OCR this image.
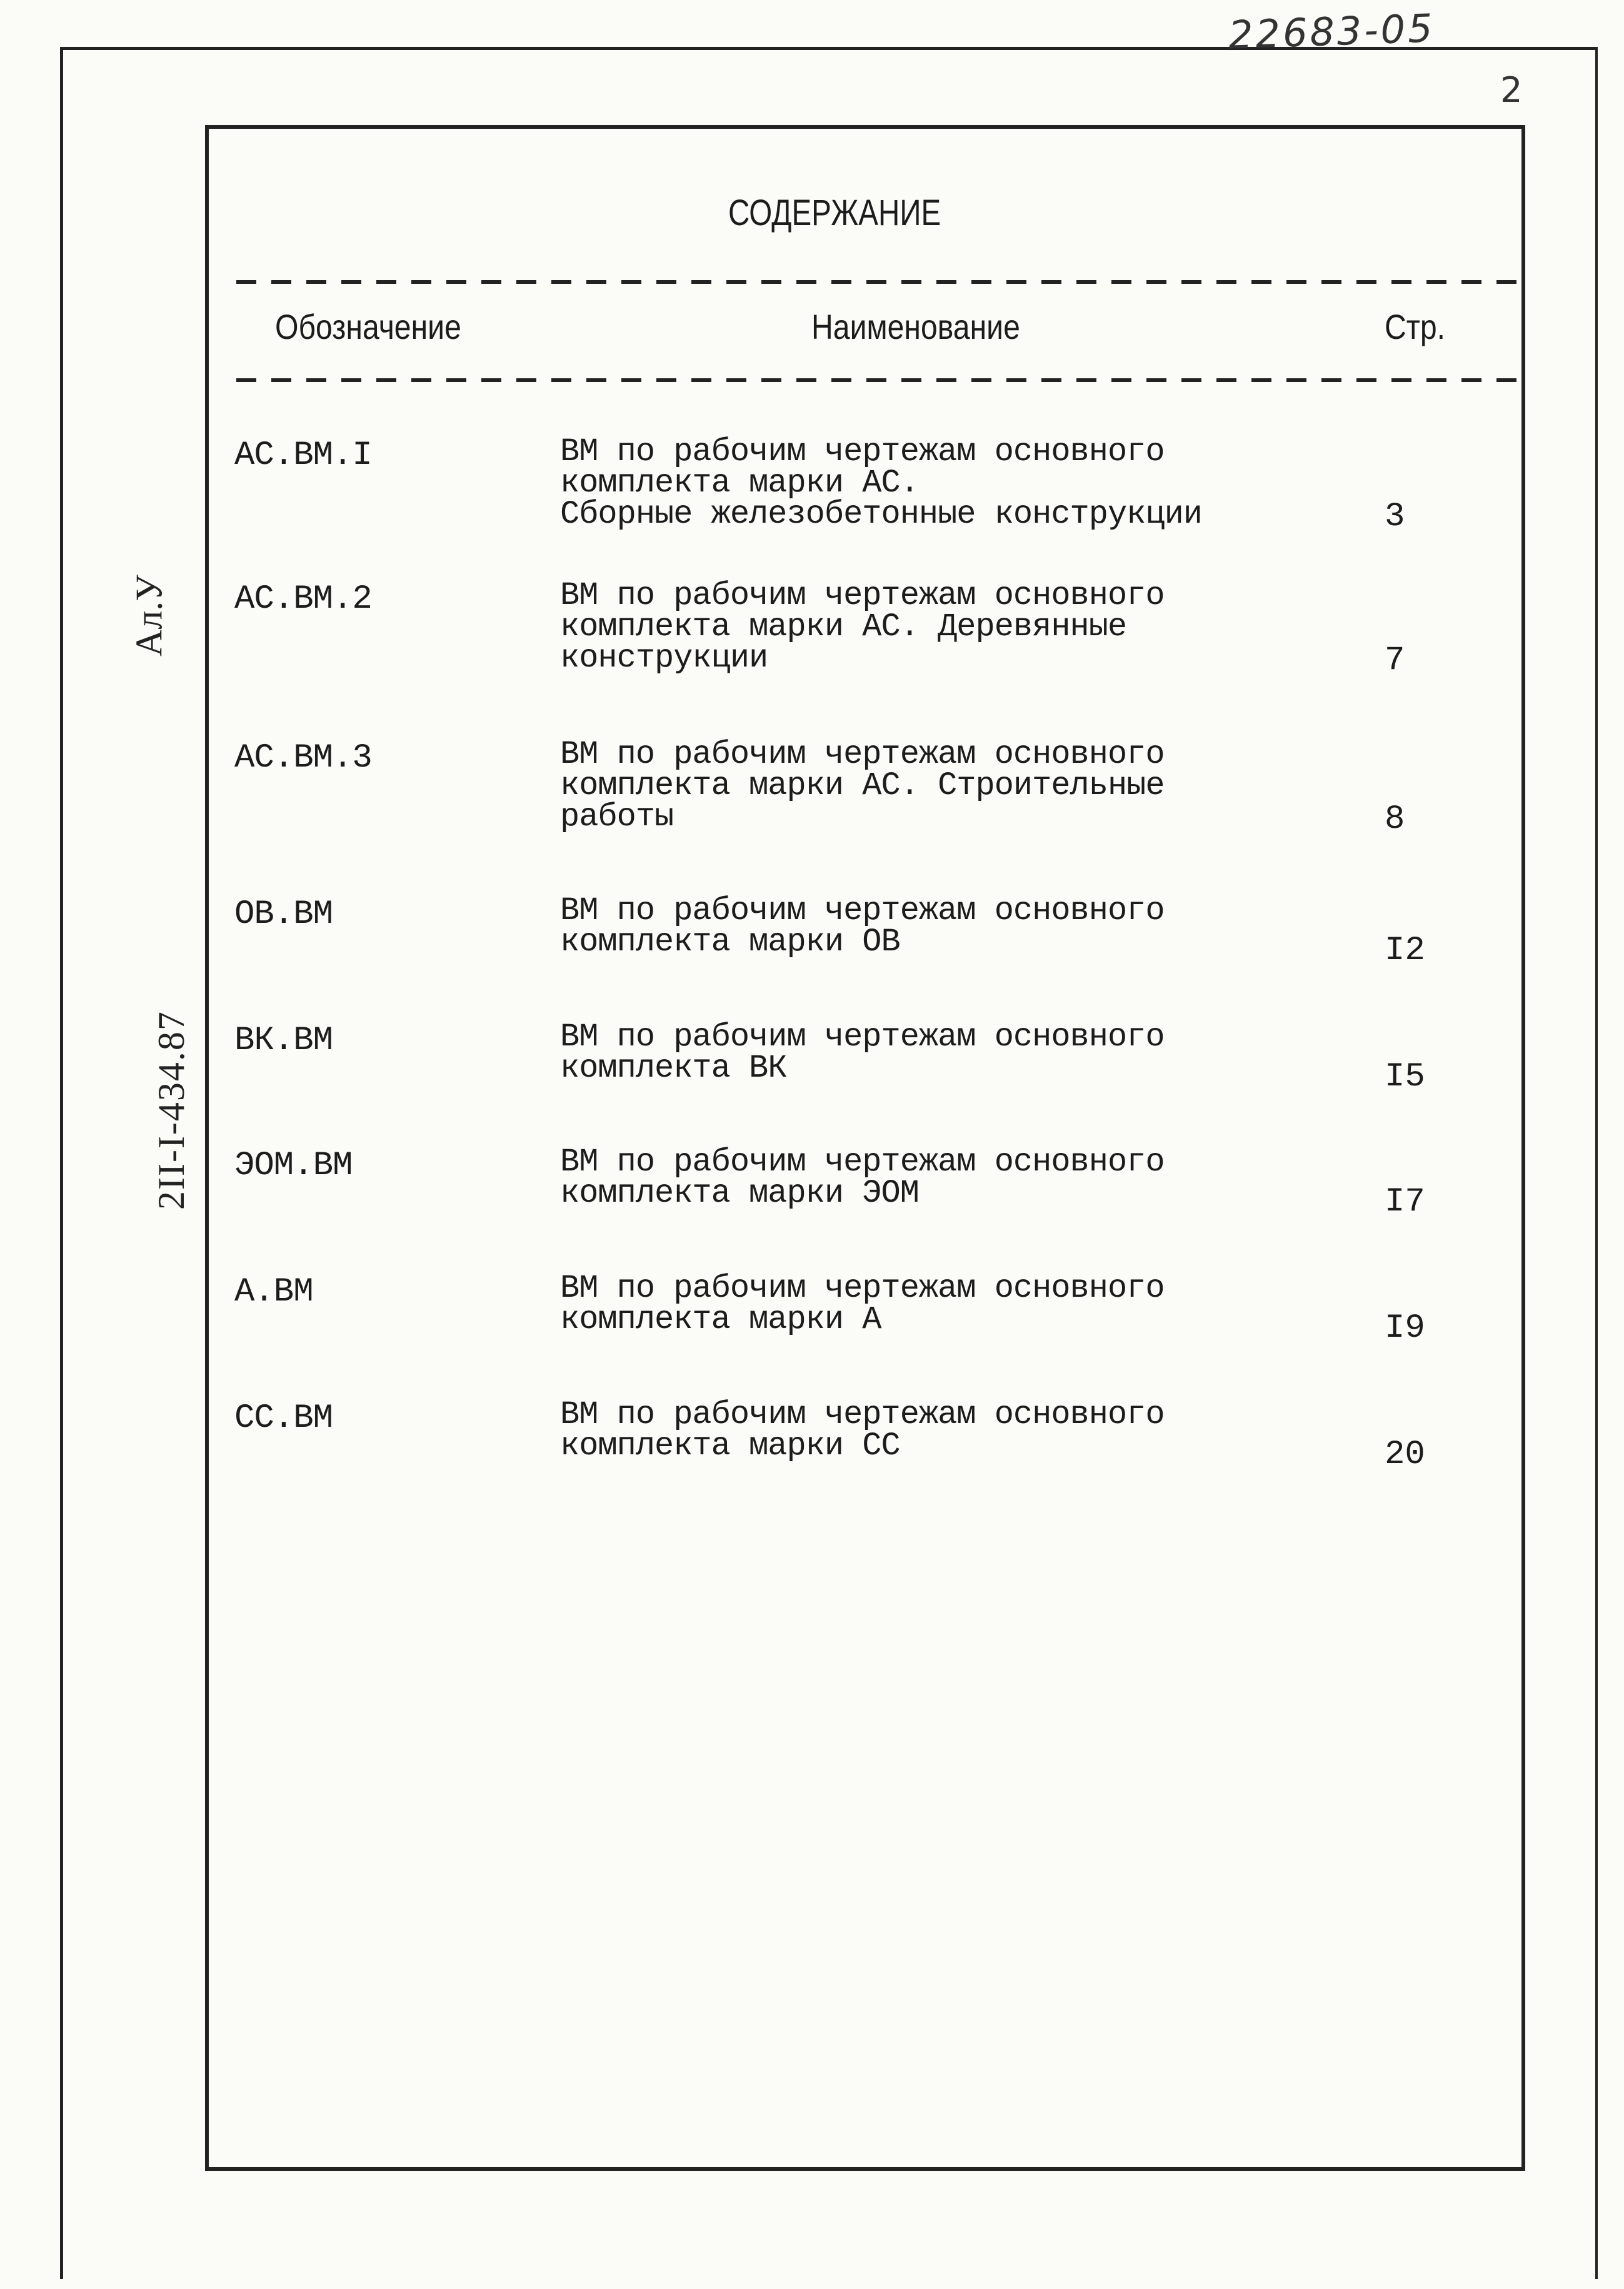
22683-05
2
Ал.У
2II-I-434.87
СОДЕРЖАНИЕ
Обозначение	Наименование	Стр.
АС.ВМ.I	ВМ по рабочим чертежам основного
комплекта марки АС.
Сборные железобетонные конструкции	3
АС.ВМ.2	ВМ по рабочим чертежам основного
комплекта марки АС. Деревянные
конструкции	7
АС.ВМ.3	ВМ по рабочим чертежам основного
комплекта марки АС. Строительные
работы	8
ОВ.ВМ	ВМ по рабочим чертежам основного
комплекта марки ОВ	I2
ВК.ВМ	ВМ по рабочим чертежам основного
комплекта ВК	I5
ЭОМ.ВМ	ВМ по рабочим чертежам основного
комплекта марки ЭОМ	I7
А.ВМ	ВМ по рабочим чертежам основного
комплекта марки А	I9
СС.ВМ	ВМ по рабочим чертежам основного
комплекта марки СС	20
